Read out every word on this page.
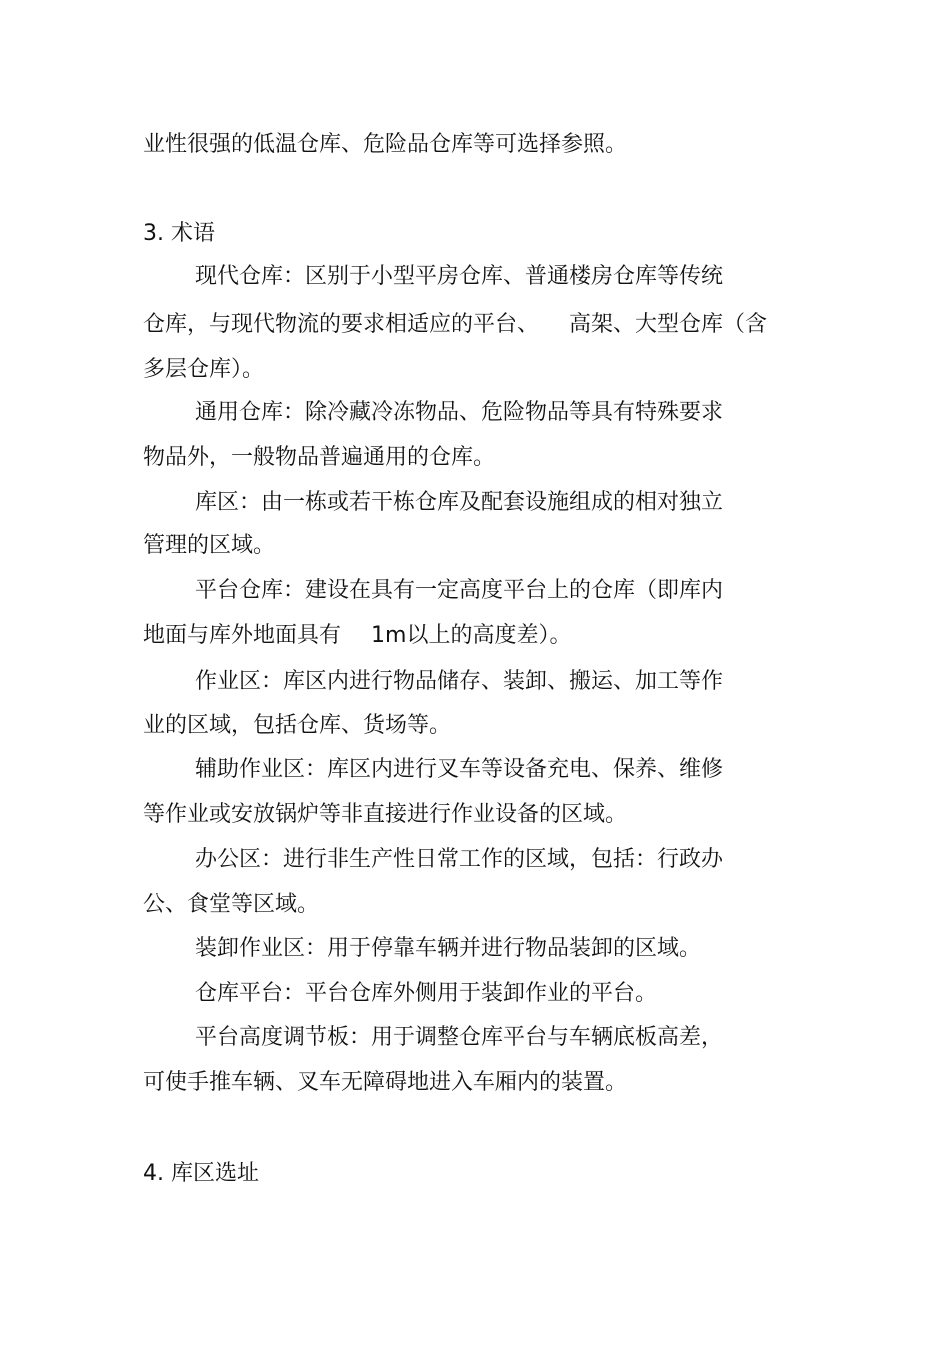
业性很强的低温仓库、危险品仓库等可选择参照。
3. 术语
现代仓库：区别于小型平房仓库、普通楼房仓库等传统
仓库，与现代物流的要求相适应的平台、 高架、大型仓库（含
多层仓库）。
通用仓库：除冷藏冷冻物品、危险物品等具有特殊要求
物品外，一般物品普遍通用的仓库。
库区：由一栋或若干栋仓库及配套设施组成的相对独立
管理的区域。
平台仓库：建设在具有一定高度平台上的仓库（即库内
地面与库外地面具有 1m以上的高度差）。
作业区：库区内进行物品储存、装卸、搬运、加工等作
业的区域，包括仓库、货场等。
辅助作业区：库区内进行叉车等设备充电、保养、维修
等作业或安放锅炉等非直接进行作业设备的区域。
办公区：进行非生产性日常工作的区域，包括：行政办
公、食堂等区域。
装卸作业区：用于停靠车辆并进行物品装卸的区域。
仓库平台：平台仓库外侧用于装卸作业的平台。
平台高度调节板：用于调整仓库平台与车辆底板高差，
可使手推车辆、叉车无障碍地进入车厢内的装置。
4. 库区选址
